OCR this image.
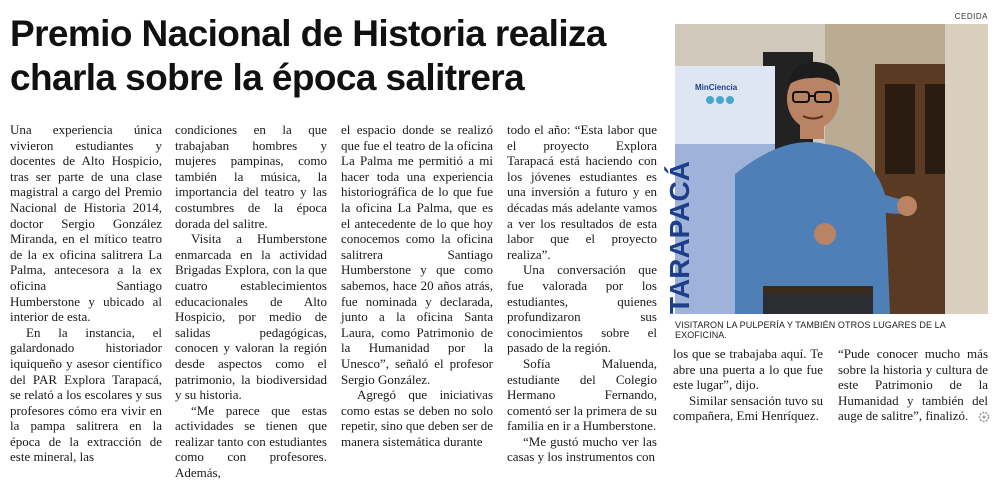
Premio Nacional de Historia realiza charla sobre la época salitrera
CEDIDA

Una experiencia única vivieron estudiantes y docentes de Alto Hospicio, tras ser parte de una clase magistral a cargo del Premio Nacional de Historia 2014, doctor Sergio González Miranda, en el mítico teatro de la ex oficina salitrera La Palma, antecesora a la ex oficina Santiago Humberstone y ubicado al interior de esta.

En la instancia, el galardonado historiador iquiqueño y asesor científico del PAR Explora Tarapacá, se relató a los escolares y sus profesores cómo era vivir en la pampa salitrera en la época de la extracción de este mineral, las

condiciones en la que trabajaban hombres y mujeres pampinas, como también la música, la importancia del teatro y las costumbres de la época dorada del salitre.

Visita a Humberstone enmarcada en la actividad Brigadas Explora, con la que cuatro establecimientos educacionales de Alto Hospicio, por medio de salidas pedagógicas, conocen y valoran la región desde aspectos como el patrimonio, la biodiversidad y su historia.

“Me parece que estas actividades se tienen que realizar tanto con estudiantes como con profesores. Además,

el espacio donde se realizó que fue el teatro de la oficina La Palma me permitió a mi hacer toda una experiencia historiográfica de lo que fue la oficina La Palma, que es el antecedente de lo que hoy conocemos como la oficina salitrera Santiago Humberstone y que como sabemos, hace 20 años atrás, fue nominada y declarada, junto a la oficina Santa Laura, como Patrimonio de la Humanidad por la Unesco”, señaló el profesor Sergio González.

Agregó que iniciativas como estas se deben no solo repetir, sino que deben ser de manera sistemática durante

todo el año: “Esta labor que el proyecto Explora Tarapacá está haciendo con los jóvenes estudiantes es una inversión a futuro y en décadas más adelante vamos a ver los resultados de esta labor que el proyecto realiza”.

Una conversación que fue valorada por los estudiantes, quienes profundizaron sus conocimientos sobre el pasado de la región.

Sofía Maluenda, estudiante del Colegio Hermano Fernando, comentó ser la primera de su familia en ir a Humberstone.

“Me gustó mucho ver las casas y los instrumentos con

MinCiencia
TARAPACÁ
VISITARON LA PULPERÍA Y TAMBIÉN OTROS LUGARES DE LA EXOFICINA.

los que se trabajaba aquí. Te abre una puerta a lo que fue este lugar”, dijo.

Similar sensación tuvo su compañera, Emi Henríquez.

“Pude conocer mucho más sobre la historia y cultura de este Patrimonio de la Humanidad y también del auge de salitre”, finalizó.
